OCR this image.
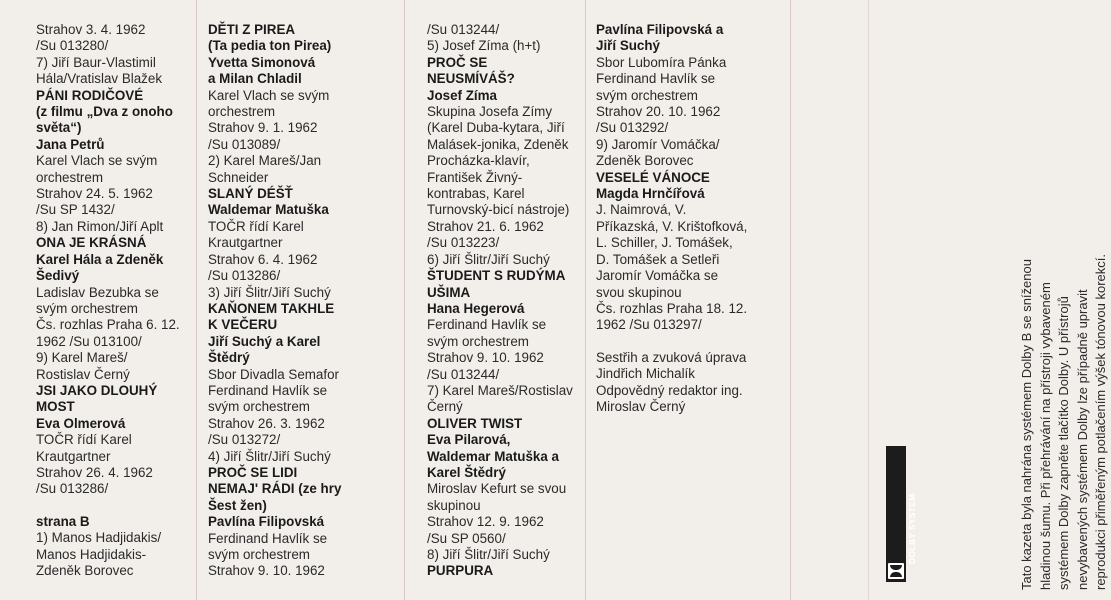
Strahov 3. 4. 1962
/Su 013280/
7) Jiří Baur-Vlastimil
Hála/Vratislav Blažek
PÁNI RODIČOVÉ
(z filmu „Dva z onoho
světa“)
Jana Petrů
Karel Vlach se svým
orchestrem
Strahov 24. 5. 1962
/Su SP 1432/
8) Jan Rimon/Jiří Aplt
ONA JE KRÁSNÁ
Karel Hála a Zdeněk
Šedivý
Ladislav Bezubka se
svým orchestrem
Čs. rozhlas Praha 6. 12.
1962 /Su 013100/
9) Karel Mareš/
Rostislav Černý
JSI JAKO DLOUHÝ
MOST
Eva Olmerová
TOČR řídí Karel
Krautgartner
Strahov 26. 4. 1962
/Su 013286/
strana B
1) Manos Hadjidakis/
Manos Hadjidakis-
Zdeněk Borovec
DĚTI Z PIREA
(Ta pedia ton Pirea)
Yvetta Simonová
a Milan Chladil
Karel Vlach se svým
orchestrem
Strahov 9. 1. 1962
/Su 013089/
2) Karel Mareš/Jan
Schneider
SLANÝ DÉŠŤ
Waldemar Matuška
TOČR řídí Karel
Krautgartner
Strahov 6. 4. 1962
/Su 013286/
3) Jiří Šlitr/Jiří Suchý
KAŇONEM TAKHLE
K VEČERU
Jiří Suchý a Karel
Štědrý
Sbor Divadla Semafor
Ferdinand Havlík se
svým orchestrem
Strahov 26. 3. 1962
/Su 013272/
4) Jiří Šlitr/Jiří Suchý
PROČ SE LIDI
NEMAJ' RÁDI (ze hry
Šest žen)
Pavlína Filipovská
Ferdinand Havlík se
svým orchestrem
Strahov 9. 10. 1962
/Su 013244/
5) Josef Zíma (h+t)
PROČ SE
NEUSMÍVÁŠ?
Josef Zíma
Skupina Josefa Zímy
(Karel Duba-kytara, Jiří
Malásek-jonika, Zdeněk
Procházka-klavír,
František Živný-
kontrabas, Karel
Turnovský-bicí nástroje)
Strahov 21. 6. 1962
/Su 013223/
6) Jiří Šlitr/Jiří Suchý
ŠTUDENT S RUDÝMA
UŠIMA
Hana Hegerová
Ferdinand Havlík se
svým orchestrem
Strahov 9. 10. 1962
/Su 013244/
7) Karel Mareš/Rostislav
Černý
OLIVER TWIST
Eva Pilarová,
Waldemar Matuška a
Karel Štědrý
Miroslav Kefurt se svou
skupinou
Strahov 12. 9. 1962
/Su SP 0560/
8) Jiří Šlitr/Jiří Suchý
PURPURA
Pavlína Filipovská a
Jiří Suchý
Sbor Lubomíra Pánka
Ferdinand Havlík se
svým orchestrem
Strahov 20. 10. 1962
/Su 013292/
9) Jaromír Vomáčka/
Zdeněk Borovec
VESELÉ VÁNOCE
Magda Hrnčířová
J. Naimrová, V.
Příkazská, V. Krištofková,
L. Schiller, J. Tomášek,
D. Tomášek a Setleři
Jaromír Vomáčka se
svou skupinou
Čs. rozhlas Praha 18. 12.
1962 /Su 013297/
Sestřih a zvuková úprava
Jindřich Michalík
Odpovědný redaktor ing.
Miroslav Černý
DOLBY SYSTEM	Tato kazeta byla nahrána systémem Dolby B se sníženou hladinou šumu. Při přehrávání na přístroji vybaveném systémem Dolby zapněte tlačítko Dolby. U přístrojů nevybavených systémem Dolby lze případně upravit reprodukci přiměřeným potlačením výšek tónovou korekcí.
